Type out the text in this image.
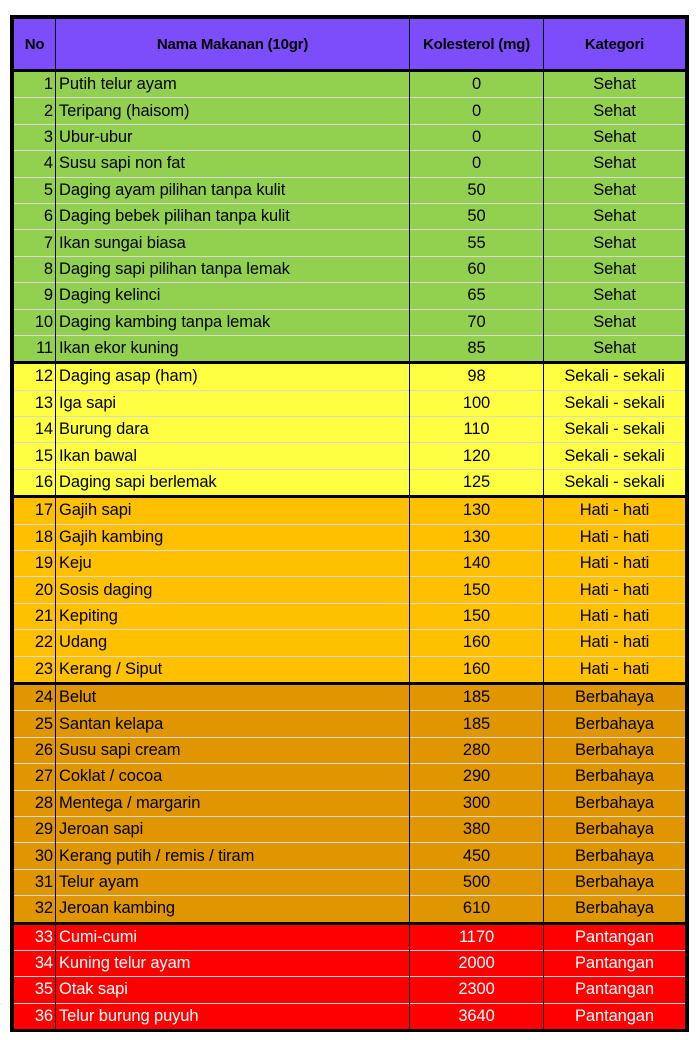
No	Nama Makanan (10gr)	Kolesterol (mg)	Kategori
1	Putih telur ayam	0	Sehat
2	Teripang (haisom)	0	Sehat
3	Ubur-ubur	0	Sehat
4	Susu sapi non fat	0	Sehat
5	Daging ayam pilihan tanpa kulit	50	Sehat
6	Daging bebek pilihan tanpa kulit	50	Sehat
7	Ikan sungai biasa	55	Sehat
8	Daging sapi pilihan tanpa lemak	60	Sehat
9	Daging kelinci	65	Sehat
10	Daging kambing tanpa lemak	70	Sehat
11	Ikan ekor kuning	85	Sehat
12	Daging asap (ham)	98	Sekali - sekali
13	Iga sapi	100	Sekali - sekali
14	Burung dara	110	Sekali - sekali
15	Ikan bawal	120	Sekali - sekali
16	Daging sapi berlemak	125	Sekali - sekali
17	Gajih sapi	130	Hati - hati
18	Gajih kambing	130	Hati - hati
19	Keju	140	Hati - hati
20	Sosis daging	150	Hati - hati
21	Kepiting	150	Hati - hati
22	Udang	160	Hati - hati
23	Kerang / Siput	160	Hati - hati
24	Belut	185	Berbahaya
25	Santan kelapa	185	Berbahaya
26	Susu sapi cream	280	Berbahaya
27	Coklat / cocoa	290	Berbahaya
28	Mentega / margarin	300	Berbahaya
29	Jeroan sapi	380	Berbahaya
30	Kerang putih / remis / tiram	450	Berbahaya
31	Telur ayam	500	Berbahaya
32	Jeroan kambing	610	Berbahaya
33	Cumi-cumi	1170	Pantangan
34	Kuning telur ayam	2000	Pantangan
35	Otak sapi	2300	Pantangan
36	Telur burung puyuh	3640	Pantangan
